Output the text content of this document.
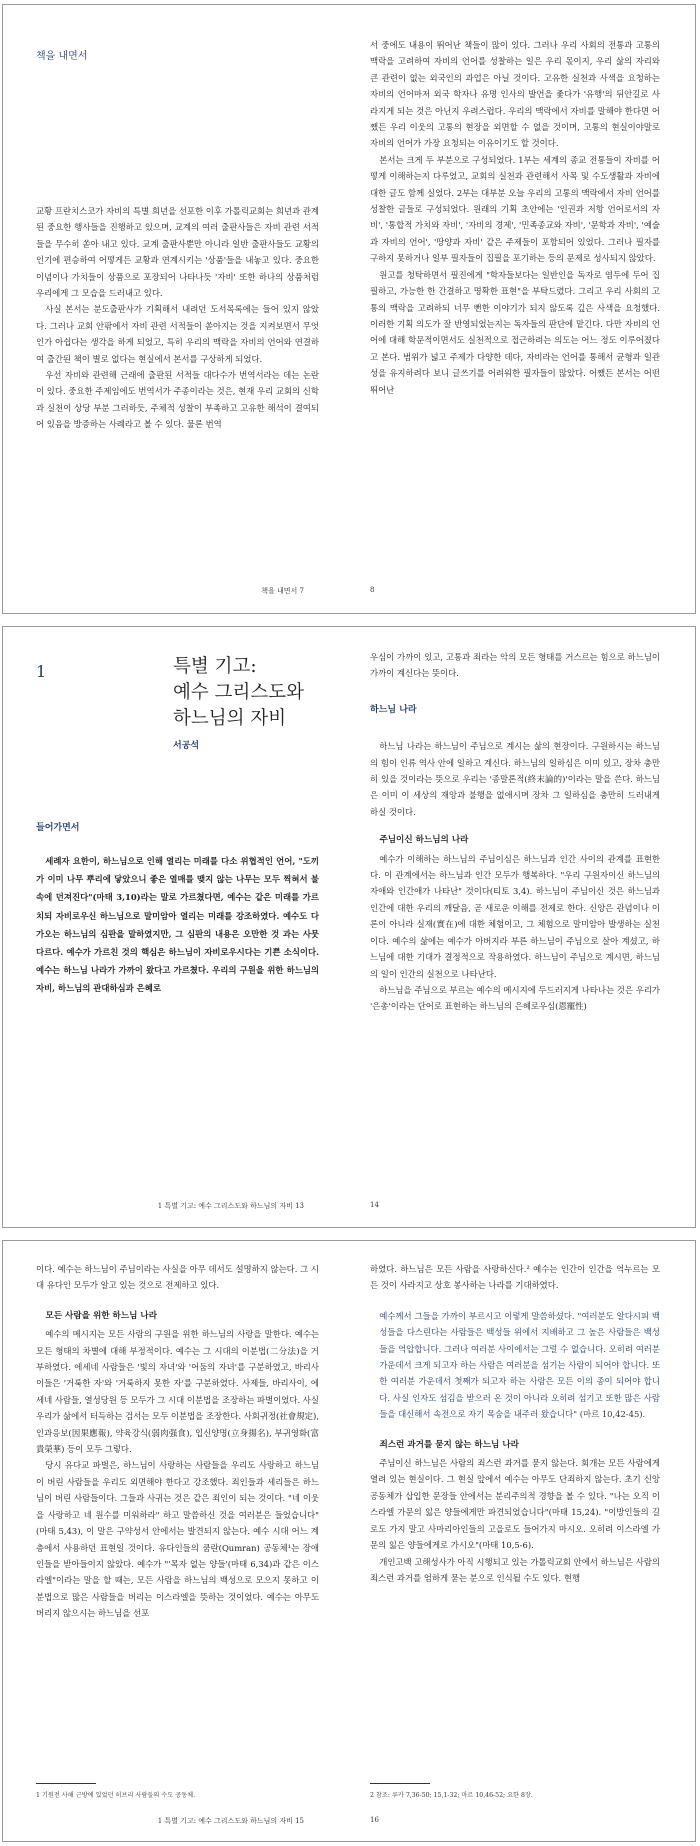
책을 내면서

교황 프란치스코가 자비의 특별 희년을 선포한 이후 가톨릭교회는 희년과 관계된 중요한 행사들을 진행하고 있으며, 교계의 여러 출판사들은 자비 관련 서적들을 무수히 쏟아 내고 있다. 교계 출판사뿐만 아니라 일반 출판사들도 교황의 인기에 편승하여 어떻게든 교황과 연계시키는 '상품'들을 내놓고 있다. 중요한 이념이나 가치들이 상품으로 포장되어 나타나듯 '자비' 또한 하나의 상품처럼 우리에게 그 모습을 드러내고 있다.

사실 본서는 분도출판사가 기획해서 내려던 도서목록에는 들어 있지 않았다. 그러나 교회 안팎에서 자비 관련 서적들이 쏟아지는 것을 지켜보면서 무엇인가 아쉽다는 생각을 하게 되었고, 특히 우리의 맥락을 자비의 언어와 연결하여 출간된 책이 별로 없다는 현실에서 본서를 구상하게 되었다.

우선 자비와 관련해 근래에 출판된 서적들 대다수가 번역서라는 데는 논란이 있다. 중요한 주제임에도 번역서가 주종이라는 것은, 현재 우리 교회의 신학과 실천이 상당 부분 그러하듯, 주체적 성찰이 부족하고 고유한 해석이 결여되어 있음을 방증하는 사례라고 볼 수 있다. 물론 번역

책을 내면서 7

서 중에도 내용이 뛰어난 책들이 많이 있다. 그러나 우리 사회의 전통과 고통의 맥락을 고려하여 자비의 언어를 성찰하는 일은 우리 몫이지, 우리 삶의 자리와 큰 관련이 없는 외국인의 과업은 아닐 것이다. 고유한 실천과 사색을 요청하는 자비의 언어마저 외국 학자나 유명 인사의 발언을 좇다가 '유행'의 뒤안길로 사라지게 되는 것은 아닌지 우려스럽다. 우리의 맥락에서 자비를 말해야 한다면 어쨌든 우리 이웃의 고통의 현장을 외면할 수 없을 것이며, 고통의 현실이야말로 자비의 언어가 가장 요청되는 이유이기도 할 것이다.

본서는 크게 두 부분으로 구성되었다. 1부는 세계의 종교 전통들이 자비를 어떻게 이해하는지 다루었고, 교회의 실천과 관련해서 사목 및 수도생활과 자비에 대한 글도 함께 실었다. 2부는 대부분 오늘 우리의 고통의 맥락에서 자비 언어를 성찰한 글들로 구성되었다. 원래의 기획 초안에는 '인권과 저항 언어로서의 자비', '통합적 가치와 자비', '자비의 경제', '민족종교와 자비', '문학과 자비', '예술과 자비의 언어', '땅양과 자비' 같은 주제들이 포함되어 있었다. 그러나 필자를 구하지 못하거나 일부 필자들이 집필을 포기하는 등의 문제로 성사되지 않았다.

원고를 청탁하면서 필진에게 "학자들보다는 일반인을 독자로 염두에 두어 집필하고, 가능한 한 간결하고 명확한 표현"을 부탁드렸다. 그리고 우리 사회의 고통의 맥락을 고려하되 너무 뻔한 이야기가 되지 않도록 깊은 사색을 요청했다. 이러한 기획 의도가 잘 반영되었는지는 독자들의 판단에 맡긴다. 다만 자비의 언어에 대해 학문적이면서도 실천적으로 접근하려는 의도는 어느 정도 이루어졌다고 본다. 범위가 넓고 주제가 다양한 데다, 자비라는 언어를 통해서 균형과 일관성을 유지하려다 보니 글쓰기를 어려워한 필자들이 많았다. 어쨌든 본서는 어떤 뛰어난

8
1	특별 기고:
예수 그리스도와
하느님의 자비
서공석
들어가면서

세례자 요한이, 하느님으로 인해 열리는 미래를 다소 위협적인 언어, "도끼가 이미 나무 뿌리에 닿았으니 좋은 열매를 맺지 않는 나무는 모두 찍혀서 불 속에 던져진다"(마태 3,10)라는 말로 가르쳤다면, 예수는 같은 미래를 가르치되 자비로우신 하느님으로 말미암아 열리는 미래를 강조하였다. 예수도 다가오는 하느님의 심판을 말하였지만, 그 심판의 내용은 오만한 것 과는 사뭇 다르다. 예수가 가르친 것의 핵심은 하느님이 자비로우시다는 기쁜 소식이다. 예수는 하느님 나라가 가까이 왔다고 가르쳤다. 우리의 구원을 위한 하느님의 자비, 하느님의 관대하심과 은혜로

1 특별 기고: 예수 그리스도와 하느님의 자비 13

우심이 가까이 있고, 고통과 죄라는 악의 모든 형태를 거스르는 힘으로 하느님이 가까이 계신다는 뜻이다.

하느님 나라

하느님 나라는 하느님이 주님으로 계시는 삶의 현장이다. 구원하시는 하느님의 힘이 인류 역사 안에 일하고 계신다. 하느님의 일하심은 이미 있고, 장차 충만히 있을 것이라는 뜻으로 우리는 '종말론적(終末論的)'이라는 말을 쓴다. 하느님은 이미 이 세상의 재앙과 불행을 없애시며 장차 그 일하심을 충만히 드러내게 하실 것이다.

주님이신 하느님의 나라

예수가 이해하는 하느님의 주님이심은 하느님과 인간 사이의 관계를 표현한다. 이 관계에서는 하느님과 인간 모두가 행복하다. "우리 구원자이신 하느님의 자애와 인간애가 나타난" 것이다(티토 3,4). 하느님이 주님이신 것은 하느님과 인간에 대한 우리의 깨달음, 곧 새로운 이해를 전제로 한다. 신앙은 관념이나 이론이 아니라 실재(實在)에 대한 체험이고, 그 체험으로 말미암아 발생하는 실천이다. 예수의 삶에는 예수가 아버지라 부른 하느님이 주님으로 살아 계셨고, 하느님에 대한 기대가 결정적으로 작용하였다. 하느님이 주님으로 계시면, 하느님의 일이 인간의 실천으로 나타난다.

하느님을 주님으로 부르는 예수의 메시지에 두드러지게 나타나는 것은 우리가 '은총'이라는 단어로 표현하는 하느님의 은혜로우심(恩寵性)

14

이다. 예수는 하느님이 주님이라는 사실을 아무 데서도 설명하지 않는다. 그 시대 유다인 모두가 알고 있는 것으로 전제하고 있다.

모든 사람을 위한 하느님 나라

예수의 메시지는 모든 사람의 구원을 위한 하느님의 사랑을 말한다. 예수는 모든 형태의 차별에 대해 부정적이다. 예수는 그 시대의 이분법(二分法)을 거부하였다. 에세네 사람들은 '빛의 자녀'와 '어둠의 자녀'를 구분하였고, 바리사이들은 '거룩한 자'와 '거룩하지 못한 자'를 구분하였다. 사제들, 바리사이, 에세네 사람들, 열성당원 등 모두가 그 시대 이분법을 조장하는 파벌이었다. 사실 우리가 삶에서 터득하는 검서는 모두 이분법을 조장한다. 사회귀정(社會規定), 인과응보(因果應報), 약육강식(弱肉强食), 입신양명(立身揚名), 부귀영화(富貴榮華) 등이 모두 그렇다.

당시 유다교 파벌은, 하느님이 사랑하는 사람들을 우리도 사랑하고 하느님이 버린 사람들을 우리도 외면해야 한다고 강조했다. 죄인들과 세리들은 하느님이 버린 사람들이다. 그들과 사귀는 것은 같은 죄인이 되는 것이다. "네 이웃을 사랑하고 네 원수를 미워하라" 하고 말씀하신 것을 여러분은 들었습니다"(마태 5,43), 이 말은 구약성서 안에서는 발견되지 않는다. 예수 시대 어느 계층에서 사용하던 표현일 것이다. 유다인들의 쿰란(Qumran) 공동체¹는 장애인들을 받아들이지 않았다. 예수가 "'목자 없는 양들'(마태 6,34)과 같은 이스라엘"이라는 말을 할 때는, 모든 사람을 하느님의 백성으로 모으지 못하고 이분법으로 많은 사람들을 버리는 이스라엘을 뜻하는 것이었다. 예수는 아무도 버리지 않으시는 하느님을 선포

1 기원전 사해 근방에 있었던 히브리 사람들의 수도 공동체.
1 특별 기고: 예수 그리스도와 하느님의 자비 15

하였다. 하느님은 모든 사람을 사랑하신다.² 예수는 인간이 인간을 억누르는 모든 것이 사라지고 상호 봉사하는 나라를 기대하였다.

예수께서 그들을 가까이 부르시고 이렇게 말씀하셨다. "여러분도 알다시피 백성들을 다스린다는 사람들은 백성들 위에서 지배하고 그 높은 사람들은 백성들을 억압합니다. 그러나 여러분 사이에서는 그럴 수 없습니다. 오히려 여러분 가운데서 크게 되고자 하는 사람은 여러분을 섬기는 사람이 되어야 합니다. 또한 여러분 가운데서 첫째가 되고자 하는 사람은 모든 이의 종이 되어야 합니다. 사실 인자도 섬김을 받으러 온 것이 아니라 오히려 섬기고 또한 많은 사람들을 대신해서 속전으로 자기 목숨을 내주러 왔습니다" (마르 10,42-45).
죄스런 과거를 묻지 않는 하느님 나라

주님이신 하느님은 사람의 죄스런 과거를 묻지 않는다. 회개는 모든 사람에게 열려 있는 현실이다. 그 현실 앞에서 예수는 아무도 단죄하지 않는다. 초기 신앙 공동체가 삽입한 문장들 안에서는 분리주의적 경향을 볼 수 있다. "나는 오직 이스라엘 가문의 잃은 양들에게만 파견되었습니다"(마태 15,24). "이방인들의 길로도 가지 말고 사마리아인들의 고을로도 들어가지 마시오. 오히려 이스라엘 가문의 잃은 양들에게로 가시오"(마태 10,5-6).

개인고백 고해성사가 아직 시행되고 있는 가톨릭교회 안에서 하느님은 사람의 죄스런 과거를 엄하게 묻는 분으로 인식될 수도 있다. 현행

2 참조: 루카 7,36-50; 15,1-32; 마르 10,46-52; 요한 8장.
16
